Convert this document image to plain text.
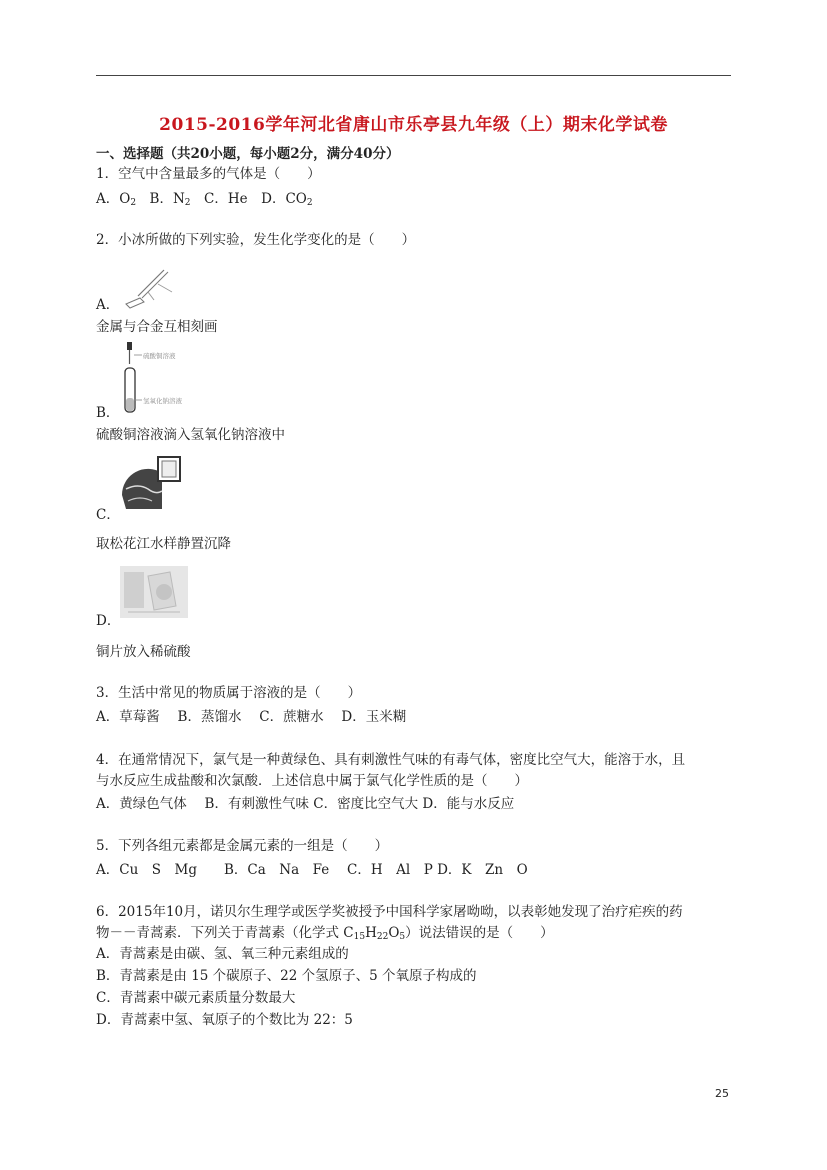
2015-2016学年河北省唐山市乐亭县九年级（上）期末化学试卷
一、选择题（共20小题，每小题2分，满分40分）
1．空气中含量最多的气体是（　　）
A．$O_2$　B．$N_2$　C．He　D．$CO_2$
2．小冰所做的下列实验，发生化学变化的是（　　）
A．
金属与合金互相刻画
硫酸铜溶液
氢氧化钠溶液
B．
硫酸铜溶液滴入氢氧化钠溶液中
C．
取松花江水样静置沉降
D．
铜片放入稀硫酸
3．生活中常见的物质属于溶液的是（　　）
A．草莓酱　 B．蒸馏水　 C．蔗糖水　 D．玉米糊
4．在通常情况下，氯气是一种黄绿色、具有刺激性气味的有毒气体，密度比空气大，能溶于水，且
与水反应生成盐酸和次氯酸．上述信息中属于氯气化学性质的是（　　）
A．黄绿色气体　 B．有刺激性气味 C．密度比空气大 D．能与水反应
5．下列各组元素都是金属元素的一组是（　　）
A．Cu　S　Mg　　B．Ca　Na　Fe　 C．H　Al　P D．K　Zn　O
6．2015年10月，诺贝尔生理学或医学奖被授予中国科学家屠呦呦，以表彰她发现了治疗疟疾的药
物－－青蒿素．下列关于青蒿素（化学式 $C_{15}H_{22}O_5$）说法错误的是（　　）
A．青蒿素是由碳、氢、氧三种元素组成的
B．青蒿素是由 15 个碳原子、22 个氢原子、5 个氧原子构成的
C．青蒿素中碳元素质量分数最大
D．青蒿素中氢、氧原子的个数比为 22：5
25
